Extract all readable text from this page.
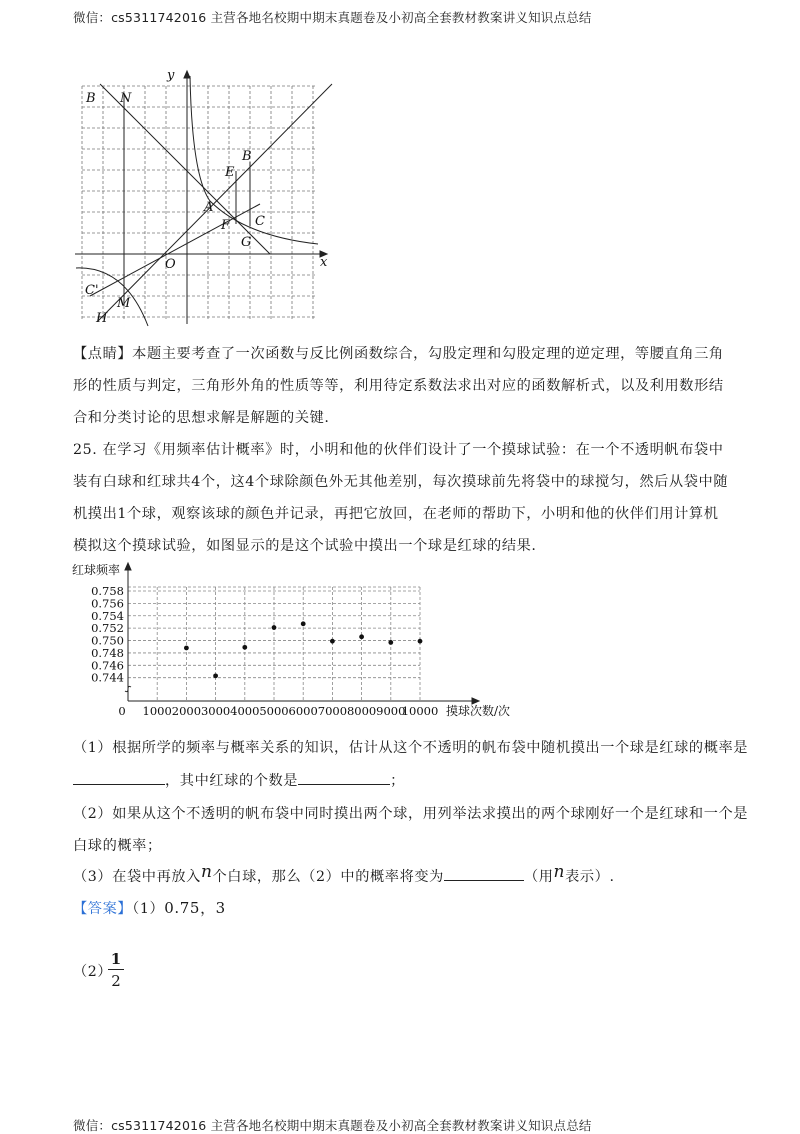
微信：cs5311742016 主营各地名校期中期末真题卷及小初高全套教材教案讲义知识点总结
B N
y
x
E
B
A
C
F
G
O
C'
M
H
【点睛】本题主要考查了一次函数与反比例函数综合，勾股定理和勾股定理的逆定理，等腰直角三角形的性质与判定，三角形外角的性质等等，利用待定系数法求出对应的函数解析式，以及利用数形结合和分类讨论的思想求解是解题的关键.
25. 在学习《用频率估计概率》时，小明和他的伙伴们设计了一个摸球试验：在一个不透明帆布袋中装有白球和红球共4个，这4个球除颜色外无其他差别，每次摸球前先将袋中的球搅匀，然后从袋中随机摸出1个球，观察该球的颜色并记录，再把它放回，在老师的帮助下，小明和他的伙伴们用计算机模拟这个摸球试验，如图显示的是这个试验中摸出一个球是红球的结果.
红球频率
摸球次数/次
0 1000 2000 3000 4000 5000 6000 7000 8000 9000
10000
0.744
0.746
0.748
0.750
0.752
0.754
0.756
0.758
（1）根据所学的频率与概率关系的知识，估计从这个不透明的帆布袋中随机摸出一个球是红球的概率是
，其中红球的个数是	；
（2）如果从这个不透明的帆布袋中同时摸出两个球，用列举法求摸出的两个球刚好一个是红球和一个是
白球的概率；
（3）在袋中再放入n个白球，那么（2）中的概率将变为	（用n表示）.
【答案】（1）0.75，3
（2）
$\frac{1}{2}$
微信：cs5311742016 主营各地名校期中期末真题卷及小初高全套教材教案讲义知识点总结
